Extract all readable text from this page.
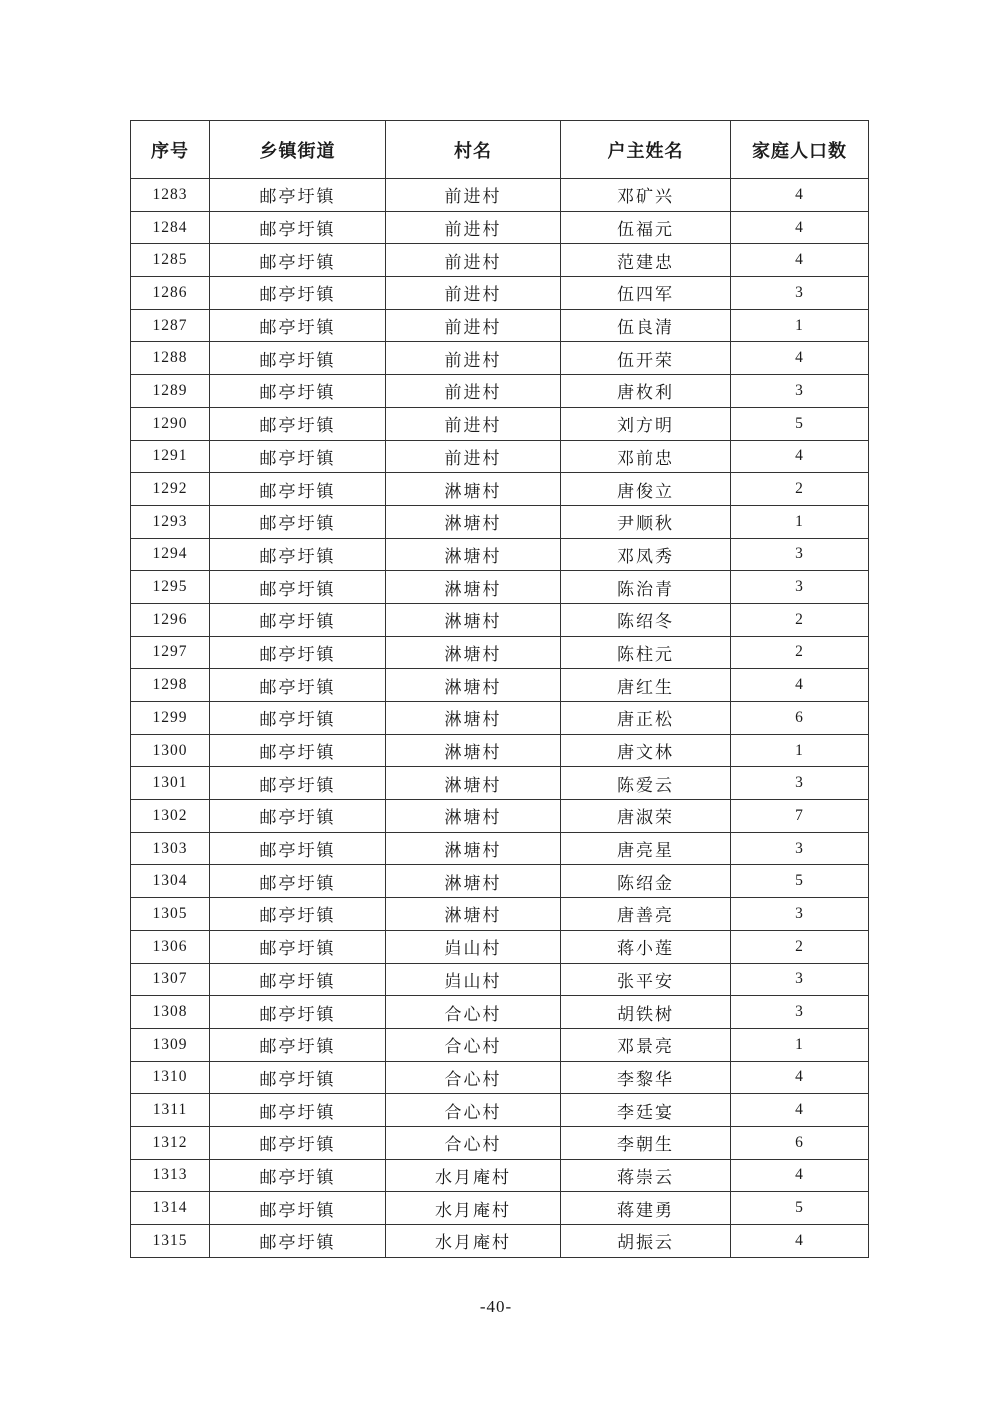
序号	乡镇街道	村名	户主姓名	家庭人口数
1283	邮亭圩镇	前进村	邓矿兴	4
1284	邮亭圩镇	前进村	伍福元	4
1285	邮亭圩镇	前进村	范建忠	4
1286	邮亭圩镇	前进村	伍四军	3
1287	邮亭圩镇	前进村	伍良清	1
1288	邮亭圩镇	前进村	伍开荣	4
1289	邮亭圩镇	前进村	唐枚利	3
1290	邮亭圩镇	前进村	刘方明	5
1291	邮亭圩镇	前进村	邓前忠	4
1292	邮亭圩镇	淋塘村	唐俊立	2
1293	邮亭圩镇	淋塘村	尹顺秋	1
1294	邮亭圩镇	淋塘村	邓凤秀	3
1295	邮亭圩镇	淋塘村	陈治青	3
1296	邮亭圩镇	淋塘村	陈绍冬	2
1297	邮亭圩镇	淋塘村	陈柱元	2
1298	邮亭圩镇	淋塘村	唐红生	4
1299	邮亭圩镇	淋塘村	唐正松	6
1300	邮亭圩镇	淋塘村	唐文林	1
1301	邮亭圩镇	淋塘村	陈爱云	3
1302	邮亭圩镇	淋塘村	唐淑荣	7
1303	邮亭圩镇	淋塘村	唐亮星	3
1304	邮亭圩镇	淋塘村	陈绍金	5
1305	邮亭圩镇	淋塘村	唐善亮	3
1306	邮亭圩镇	岿山村	蒋小莲	2
1307	邮亭圩镇	岿山村	张平安	3
1308	邮亭圩镇	合心村	胡铁树	3
1309	邮亭圩镇	合心村	邓景亮	1
1310	邮亭圩镇	合心村	李黎华	4
1311	邮亭圩镇	合心村	李廷宴	4
1312	邮亭圩镇	合心村	李朝生	6
1313	邮亭圩镇	水月庵村	蒋崇云	4
1314	邮亭圩镇	水月庵村	蒋建勇	5
1315	邮亭圩镇	水月庵村	胡振云	4
-40-
